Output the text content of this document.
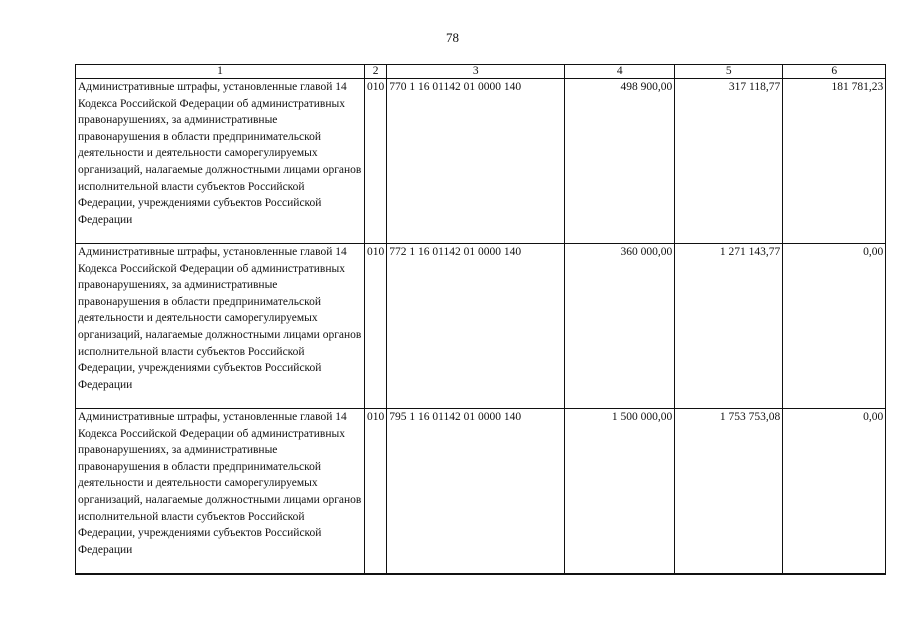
78
1	2	3	4	5	6
Административные штрафы, установленные главой 14 Кодекса Российской Федерации об административных правонарушениях, за административные правонарушения в области предпринимательской деятельности и деятельности саморегулируемых организаций, налагаемые должностными лицами органов исполнительной власти субъектов Российской Федерации, учреждениями субъектов Российской Федерации	010	770 1 16 01142 01 0000 140	498 900,00	317 118,77	181 781,23
Административные штрафы, установленные главой 14 Кодекса Российской Федерации об административных правонарушениях, за административные правонарушения в области предпринимательской деятельности и деятельности саморегулируемых организаций, налагаемые должностными лицами органов исполнительной власти субъектов Российской Федерации, учреждениями субъектов Российской Федерации	010	772 1 16 01142 01 0000 140	360 000,00	1 271 143,77	0,00
Административные штрафы, установленные главой 14 Кодекса Российской Федерации об административных правонарушениях, за административные правонарушения в области предпринимательской деятельности и деятельности саморегулируемых организаций, налагаемые должностными лицами органов исполнительной власти субъектов Российской Федерации, учреждениями субъектов Российской Федерации	010	795 1 16 01142 01 0000 140	1 500 000,00	1 753 753,08	0,00
